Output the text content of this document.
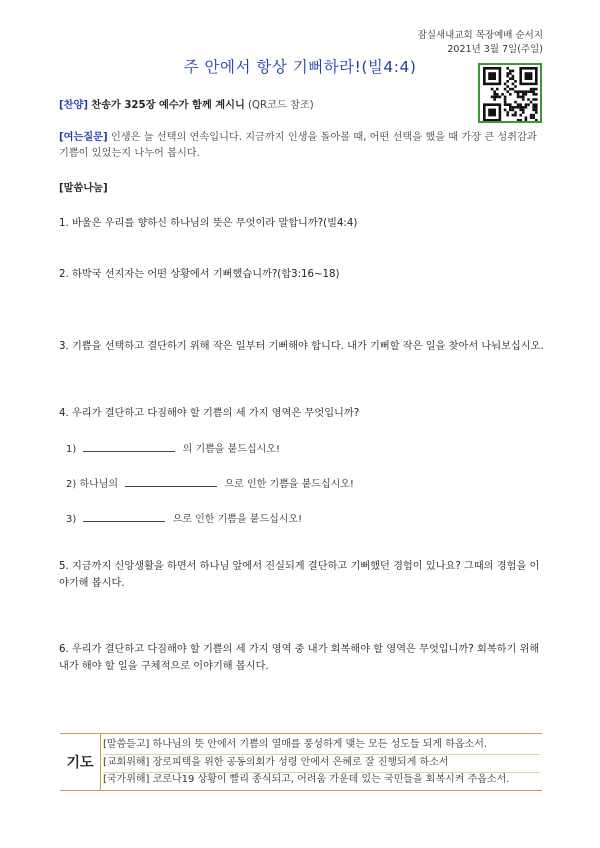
잠실새내교회 목장예배 순서지
2021년 3월 7일(주일)
주 안에서 항상 기뻐하라!(빌4:4)
[찬양] 찬송가 325장 예수가 함께 계시니 (QR코드 참조)
[여는질문] 인생은 늘 선택의 연속입니다. 지금까지 인생을 돌아볼 때, 어떤 선택을 했을 때 가장 큰 성취감과 기쁨이 있었는지 나누어 봅시다.
[말씀나눔]
1. 바울은 우리를 향하신 하나님의 뜻은 무엇이라 말합니까?(빌4:4)
2. 하박국 선지자는 어떤 상황에서 기뻐했습니까?(합3:16~18)
3. 기쁨을 선택하고 결단하기 위해 작은 일부터 기뻐해야 합니다. 내가 기뻐할 작은 일을 찾아서 나눠보십시오.
4. 우리가 결단하고 다짐해야 할 기쁨의 세 가지 영역은 무엇입니까?
1)	의 기쁨을 붙드십시오!
2) 하나님의	으로 인한 기쁨을 붙드십시오!
3)	으로 인한 기쁨을 붙드십시오!
5. 지금까지 신앙생활을 하면서 하나님 앞에서 진실되게 결단하고 기뻐했던 경험이 있나요? 그때의 경험을 이야기해 봅시다.
6. 우리가 결단하고 다짐해야 할 기쁨의 세 가지 영역 중 내가 회복해야 할 영역은 무엇입니까? 회복하기 위해 내가 해야 할 일을 구체적으로 이야기해 봅시다.
기도
[말씀듣고] 하나님의 뜻 안에서 기쁨의 열매를 풍성하게 맺는 모든 성도들 되게 하옵소서.
[교회위해] 장로피택을 위한 공동의회가 성령 안에서 은혜로 잘 진행되게 하소서
[국가위해] 코로나19 상황이 빨리 종식되고, 어려움 가운데 있는 국민들을 회복시켜 주옵소서.
